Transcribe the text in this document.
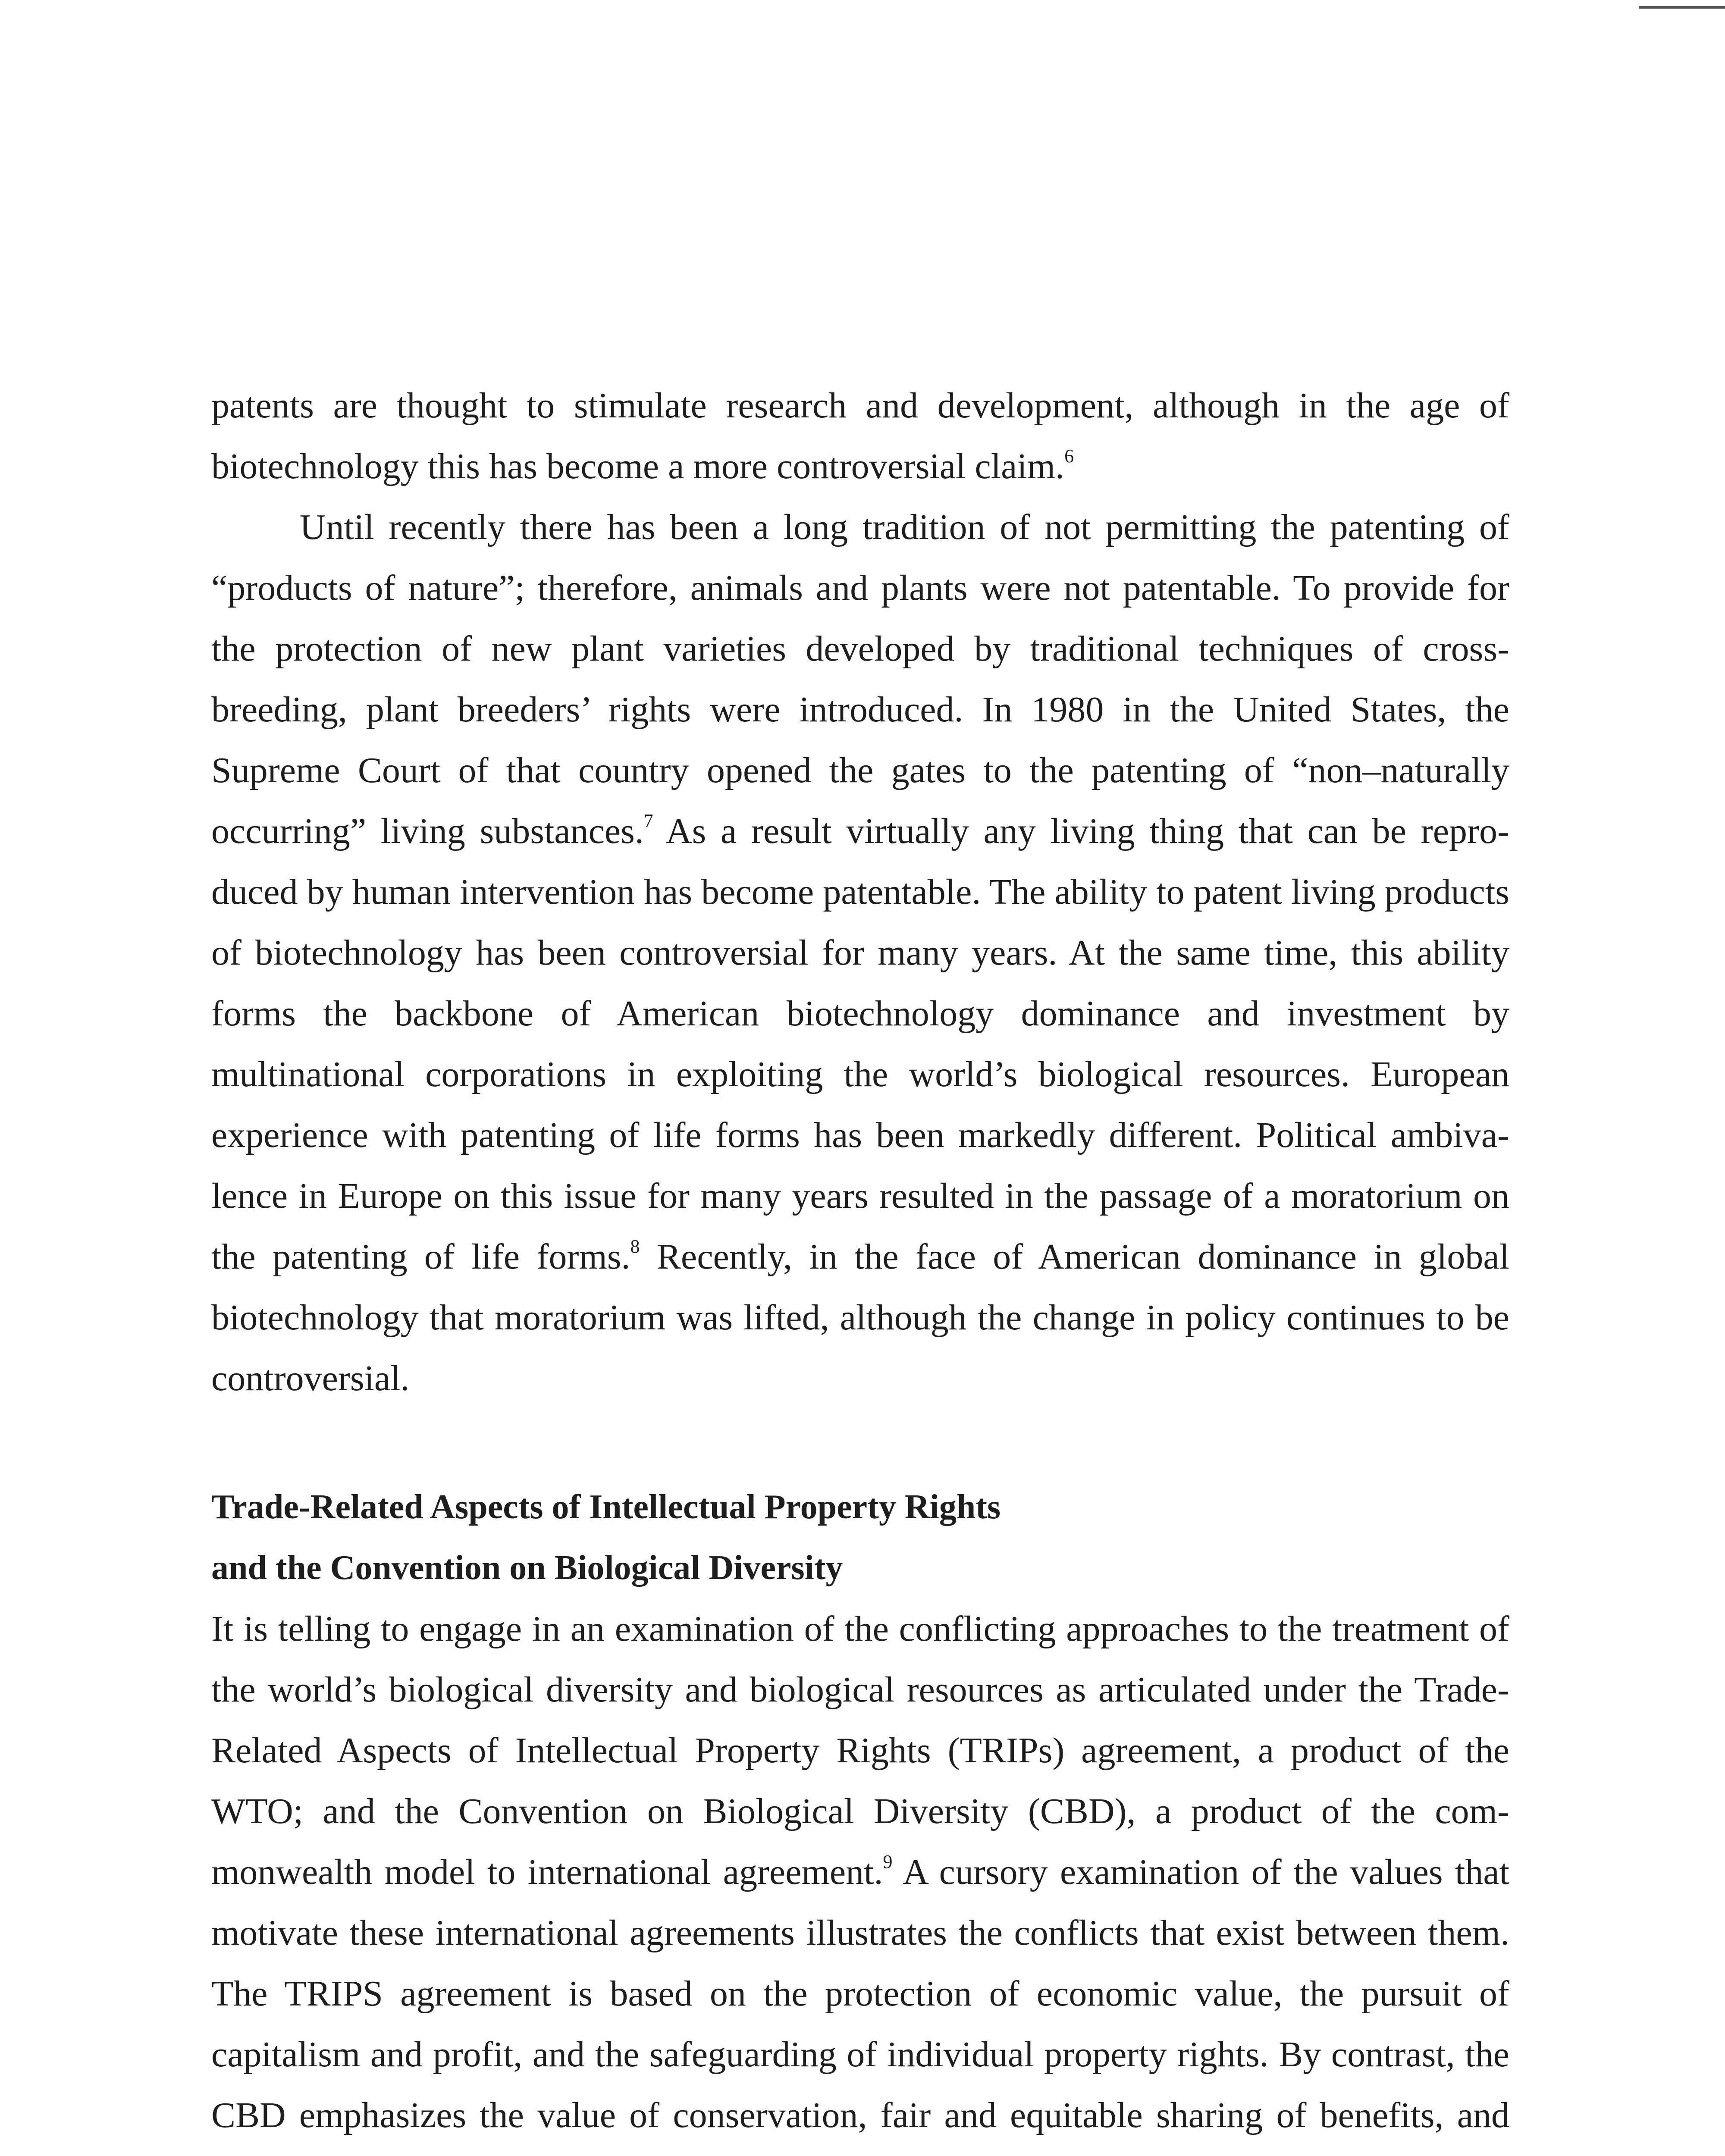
patents are thought to stimulate research and development, although in the age of biotechnology this has become a more controversial claim.$^6$

Until recently there has been a long tradition of not permitting the patenting of “products of nature”; therefore, animals and plants were not patentable. To provide for the protection of new plant varieties developed by traditional techniques of cross-breeding, plant breeders’ rights were introduced. In 1980 in the United States, the Supreme Court of that country opened the gates to the patenting of “non–naturally occurring” living substances.$^7$ As a result virtually any living thing that can be reproduced by human intervention has become patentable. The ability to patent living products of biotechnology has been controversial for many years. At the same time, this ability forms the backbone of American biotechnology dominance and investment by multinational corporations in exploiting the world’s biological resources. European experience with patenting of life forms has been markedly different. Political ambivalence in Europe on this issue for many years resulted in the passage of a moratorium on the patenting of life forms.$^8$ Recently, in the face of American dominance in global biotechnology that moratorium was lifted, although the change in policy continues to be controversial.

Trade-Related Aspects of Intellectual Property Rights
and the Convention on Biological Diversity

It is telling to engage in an examination of the conflicting approaches to the treatment of the world’s biological diversity and biological resources as articulated under the Trade-Related Aspects of Intellectual Property Rights (TRIPs) agreement, a product of the WTO; and the Convention on Biological Diversity (CBD), a product of the commonwealth model to international agreement.$^9$ A cursory examination of the values that motivate these international agreements illustrates the conflicts that exist between them. The TRIPS agreement is based on the protection of economic value, the pursuit of capitalism and profit, and the safeguarding of individual property rights. By contrast, the CBD emphasizes the value of conservation, fair and equitable sharing of benefits, and
